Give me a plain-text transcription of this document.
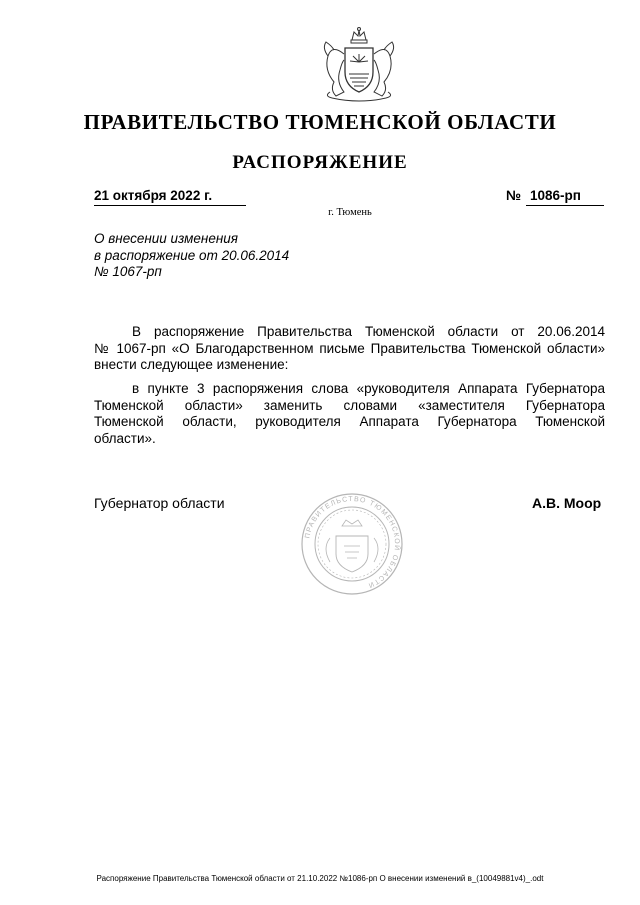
ПРАВИТЕЛЬСТВО ТЮМЕНСКОЙ ОБЛАСТИ
РАСПОРЯЖЕНИЕ
21 октября 2022 г.	№ 1086-рп
г. Тюмень
О внесении изменения
в распоряжение от 20.06.2014
№ 1067-рп
В распоряжение Правительства Тюменской области от 20.06.2014
№ 1067-рп «О Благодарственном письме Правительства Тюменской области»
внести следующее изменение:
в пункте 3 распоряжения слова «руководителя Аппарата Губернатора
Тюменской области» заменить словами «заместителя Губернатора
Тюменской области, руководителя Аппарата Губернатора Тюменской
области».
Губернатор области	А.В. Моор
ПРАВИТЕЛЬСТВО ТЮМЕНСКОЙ ОБЛАСТИ
Распоряжение Правительства Тюменской области от 21.10.2022 №1086-рп О внесении изменений в_(10049881v4)_.odt
